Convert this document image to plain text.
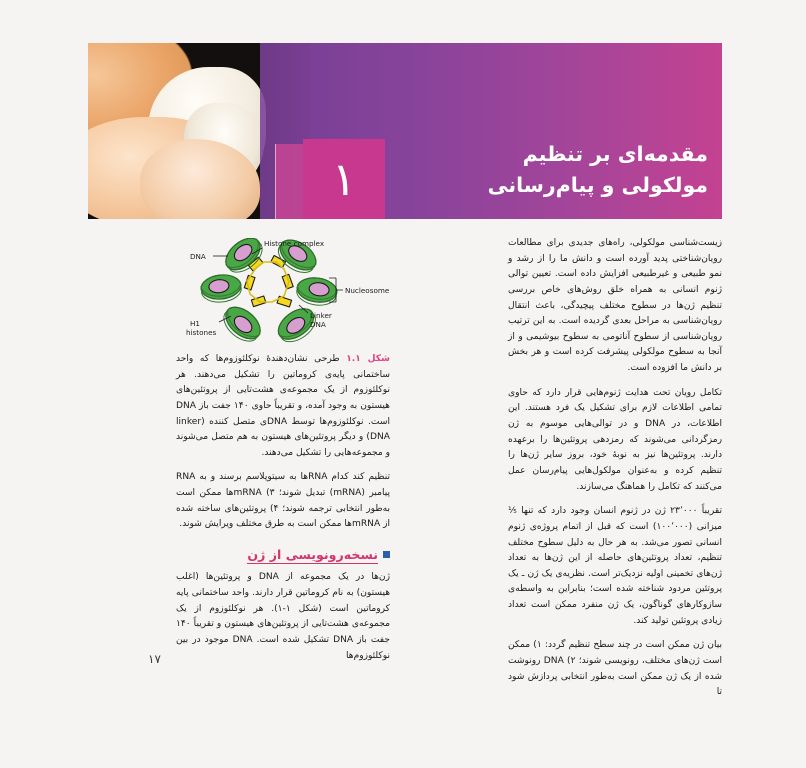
۱	مقدمه‌ای بر تنظیم
مولکولی و پیام‌رسانی
Histone complex
DNA
Nucleosome
H1
histones
Linker
DNA

شکل ۱.۱ طرحی نشان‌دهندهٔ نوکلئوزوم‌ها که واحد ساختمانی پایه‌ی کروماتین را تشکیل می‌دهند. هر نوکلئوزوم از یک مجموعه‌ی هشت‌تایی از پروتئین‌های هیستون به وجود آمده، و تقریباً حاوی ۱۴۰ جفت باز DNA است. نوکلئوزوم‌ها توسط DNA‌ی متصل کننده (linker DNA) و دیگر پروتئین‌های هیستون به هم متصل می‌شوند و مجموعه‌هایی را تشکیل می‌دهند.

تنظیم کند کدام RNAها به سیتوپلاسم برسند و به RNA پیامبر (mRNA) تبدیل شوند؛ ۳) mRNAها ممکن است به‌طور انتخابی ترجمه شوند؛ ۴) پروتئین‌های ساخته شده از mRNAها ممکن است به طرق مختلف ویرایش شوند.

نسخه‌رونویسی از ژن

ژن‌ها در یک مجموعه از DNA و پروتئین‌ها (اغلب هیستون) به نام کروماتین قرار دارند. واحد ساختمانی پایه کروماتین است (شکل ۱-۱). هر نوکلئوزوم از یک مجموعه‌ی هشت‌تایی از پروتئین‌های هیستون و تقریباً ۱۴۰ جفت باز DNA تشکیل شده است. DNA موجود در بین نوکلئوزوم‌ها

زیست‌شناسی مولکولی، راه‌های جدیدی برای مطالعات رویان‌شناختی پدید آورده است و دانش ما را از رشد و نمو طبیعی و غیرطبیعی افزایش داده است. تعیین توالی ژنوم انسانی به همراه خلق روش‌های خاص بررسی تنظیم ژن‌ها در سطوح مختلف پیچیدگی، باعث انتقال رویان‌شناسی به مراحل بعدی گردیده است. به این ترتیب رویان‌شناسی از سطوح آناتومی به سطوح بیوشیمی و از آنجا به سطوح مولکولی پیشرفت کرده است و هر بخش بر دانش ما افزوده است.

تکامل رویان تحت هدایت ژنوم‌هایی قرار دارد که حاوی تمامی اطلاعات لازم برای تشکیل یک فرد هستند. این اطلاعات، در DNA و در توالی‌هایی موسوم به ژن رمزگردانی می‌شوند که رمزدهی پروتئین‌ها را برعهده دارند. پروتئین‌ها نیز به نوبهٔ خود، بروز سایر ژن‌ها را تنظیم کرده و به‌عنوان مولکول‌هایی پیام‌رسان عمل می‌کنند که تکامل را هماهنگ می‌سازند.

تقریباً ۲۳٬۰۰۰ ژن در ژنوم انسان وجود دارد که تنها ⅕ میزانی (۱۰۰٬۰۰۰) است که قبل از اتمام پروژه‌ی ژنوم انسانی تصور می‌شد. به هر حال به دلیل سطوح مختلف تنظیم، تعداد پروتئین‌های حاصله از این ژن‌ها به تعداد ژن‌های تخمینی اولیه نزدیک‌تر است. نظریه‌ی یک ژن ـ یک پروتئین مردود شناخته شده است؛ بنابراین به واسطه‌ی سازوکارهای گوناگون، یک ژن منفرد ممکن است تعداد زیادی پروتئین تولید کند.

بیان ژن ممکن است در چند سطح تنظیم گردد: ۱) ممکن است ژن‌های مختلف، رونویسی شوند؛ ۲) DNA رونوشت شده از یک ژن ممکن است به‌طور انتخابی پردازش شود تا

۱۷
